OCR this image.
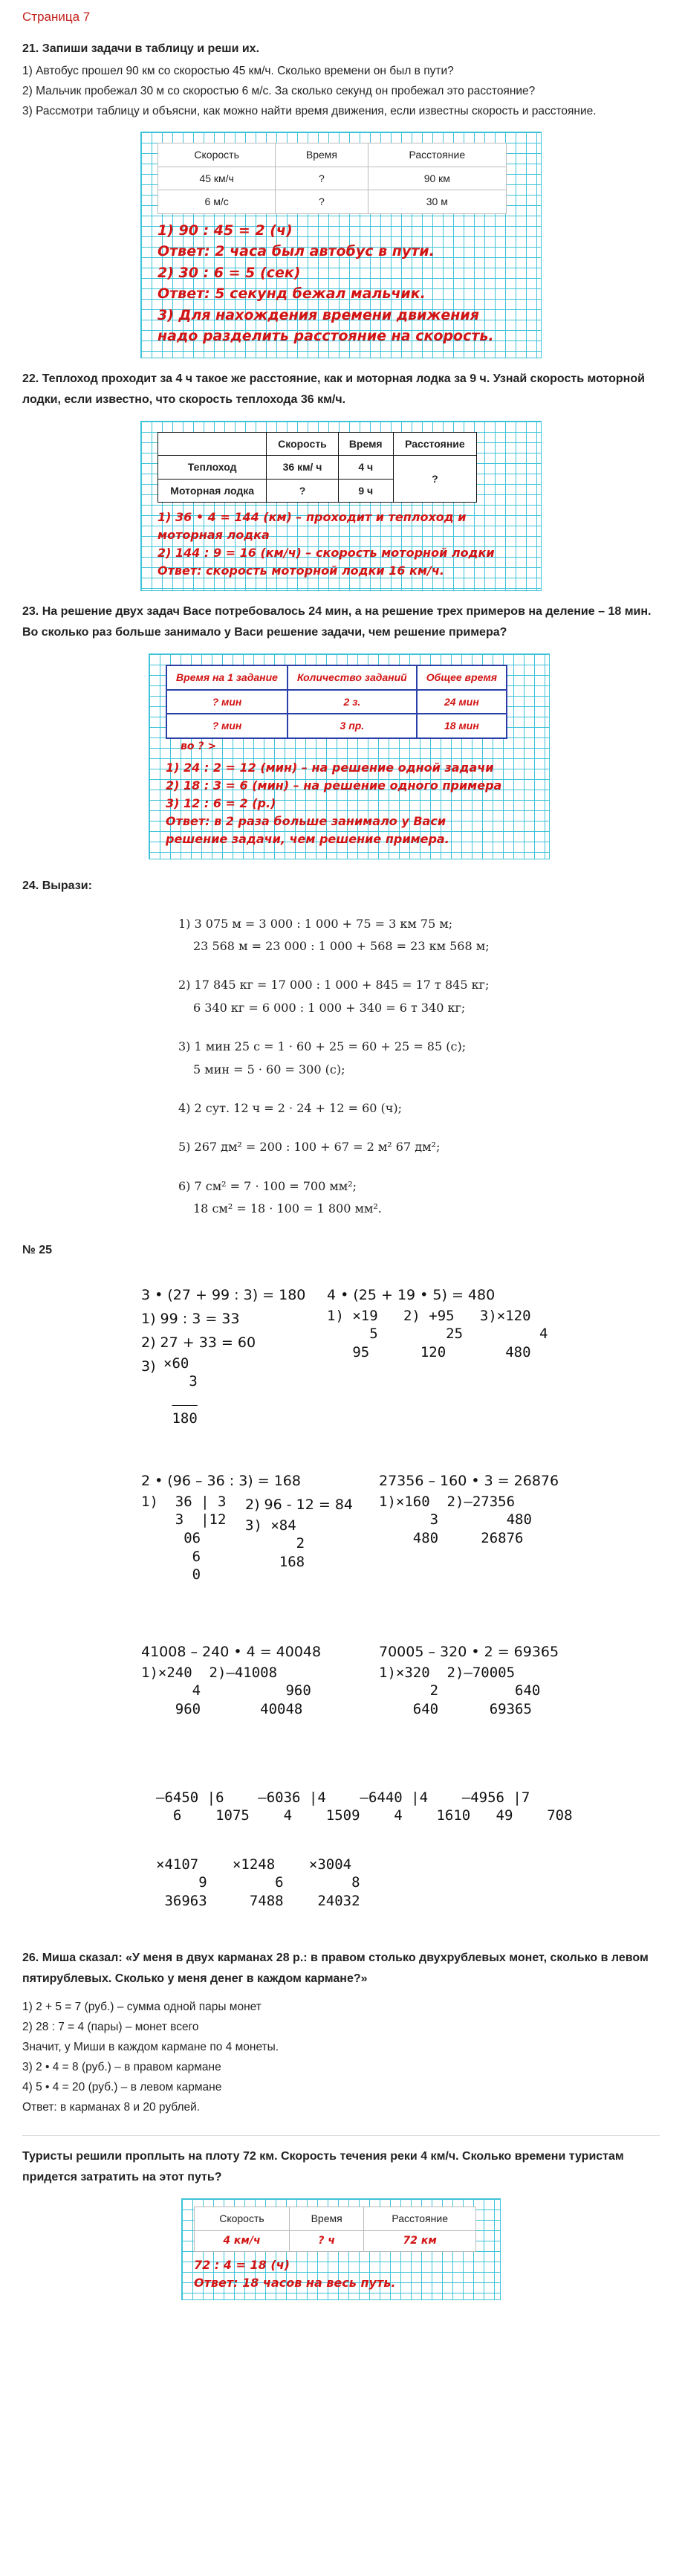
Страница 7
21. Запиши задачи в таблицу и реши их.

1) Автобус прошел 90 км со скоростью 45 км/ч. Сколько времени он был в пути?

2) Мальчик пробежал 30 м со скоростью 6 м/с. За сколько секунд он пробежал это расстояние?

3) Рассмотри таблицу и объясни, как можно найти время движения, если известны скорость и расстояние.

Скорость	Время	Расстояние
45 км/ч	?	90 км
6 м/с	?	30 м
1) 90 : 45 = 2 (ч)
Ответ: 2 часа был автобус в пути.
2) 30 : 6 = 5 (сек)
Ответ: 5 секунд бежал мальчик.
3) Для нахождения времени движения
надо разделить расстояние на скорость.
22. Теплоход проходит за 4 ч такое же расстояние, как и моторная лодка за 9 ч. Узнай скорость моторной лодки, если известно, что скорость теплохода 36 км/ч.
	Скорость	Время	Расстояние
Теплоход	36 км/ ч	4 ч	?
Моторная лодка	?	9 ч	
1) 36 • 4 = 144 (км) – проходит и теплоход и моторная лодка
2) 144 : 9 = 16 (км/ч) – скорость моторной лодки
Ответ: скорость моторной лодки 16 км/ч.
23. На решение двух задач Васе потребовалось 24 мин, а на решение трех примеров на деление – 18 мин. Во сколько раз больше занимало у Васи решение задачи, чем решение примера?
Время на 1 задание	Количество заданий	Общее время
? мин	2 з.	24 мин
? мин	3 пр.	18 мин
во ? >
1) 24 : 2 = 12 (мин) – на решение одной задачи
2) 18 : 3 = 6 (мин) – на решение одного примера
3) 12 : 6 = 2 (р.)
Ответ: в 2 раза больше занимало у Васи
решение задачи, чем решение примера.
24. Вырази:
1) 3 075 м = 3 000 : 1 000 + 75 = 3 км 75 м;
23 568 м = 23 000 : 1 000 + 568 = 23 км 568 м;
2) 17 845 кг = 17 000 : 1 000 + 845 = 17 т 845 кг;
6 340 кг = 6 000 : 1 000 + 340 = 6 т 340 кг;
3) 1 мин 25 с = 1 · 60 + 25 = 60 + 25 = 85 (с);
5 мин = 5 · 60 = 300 (с);
4) 2 сут. 12 ч = 2 · 24 + 12 = 60 (ч);
5) 267 дм² = 200 : 100 + 67 = 2 м² 67 дм²;
6) 7 см² = 7 · 100 = 700 мм²;
18 см² = 18 · 100 = 1 800 мм².
№ 25
3 • (27 + 99 : 3) = 180
1) 99 : 3 = 33
2) 27 + 33 = 60
3) ×60
3

180
4 • (25 + 19 • 5) = 480
1) ×19   2) +95   3)×120
5        25         4
95      120       480
2 • (96 – 36 : 3) = 168
1)  36 | 3
3  |12
06
6
0
2) 96 - 12 = 84
3) ×84
2
168
27356 – 160 • 3 = 26876
1)×160  2)–27356
3        480
480     26876
41008 – 240 • 4 = 40048
1)×240  2)–41008
4          960
960       40048
70005 – 320 • 2 = 69365
1)×320  2)–70005
2         640
640      69365
–6450 |6    –6036 |4    –6440 |4    –4956 |7
6    1075    4    1509    4    1610   49    708
×4107    ×1248    ×3004
9        6        8
36963     7488    24032
26. Миша сказал: «У меня в двух карманах 28 р.: в правом столько двухрублевых монет, сколько в левом пятирублевых. Сколько у меня денег в каждом кармане?»

1) 2 + 5 = 7 (руб.) – сумма одной пары монет

2) 28 : 7 = 4 (пары) – монет всего

Значит, у Миши в каждом кармане по 4 монеты.

3) 2 • 4 = 8 (руб.) – в правом кармане

4) 5 • 4 = 20 (руб.) – в левом кармане

Ответ: в карманах 8 и 20 рублей.

Туристы решили проплыть на плоту 72 км. Скорость течения реки 4 км/ч. Сколько времени туристам придется затратить на этот путь?
Скорость	Время	Расстояние
4 км/ч	? ч	72 км
72 : 4 = 18 (ч)
Ответ: 18 часов на весь путь.
